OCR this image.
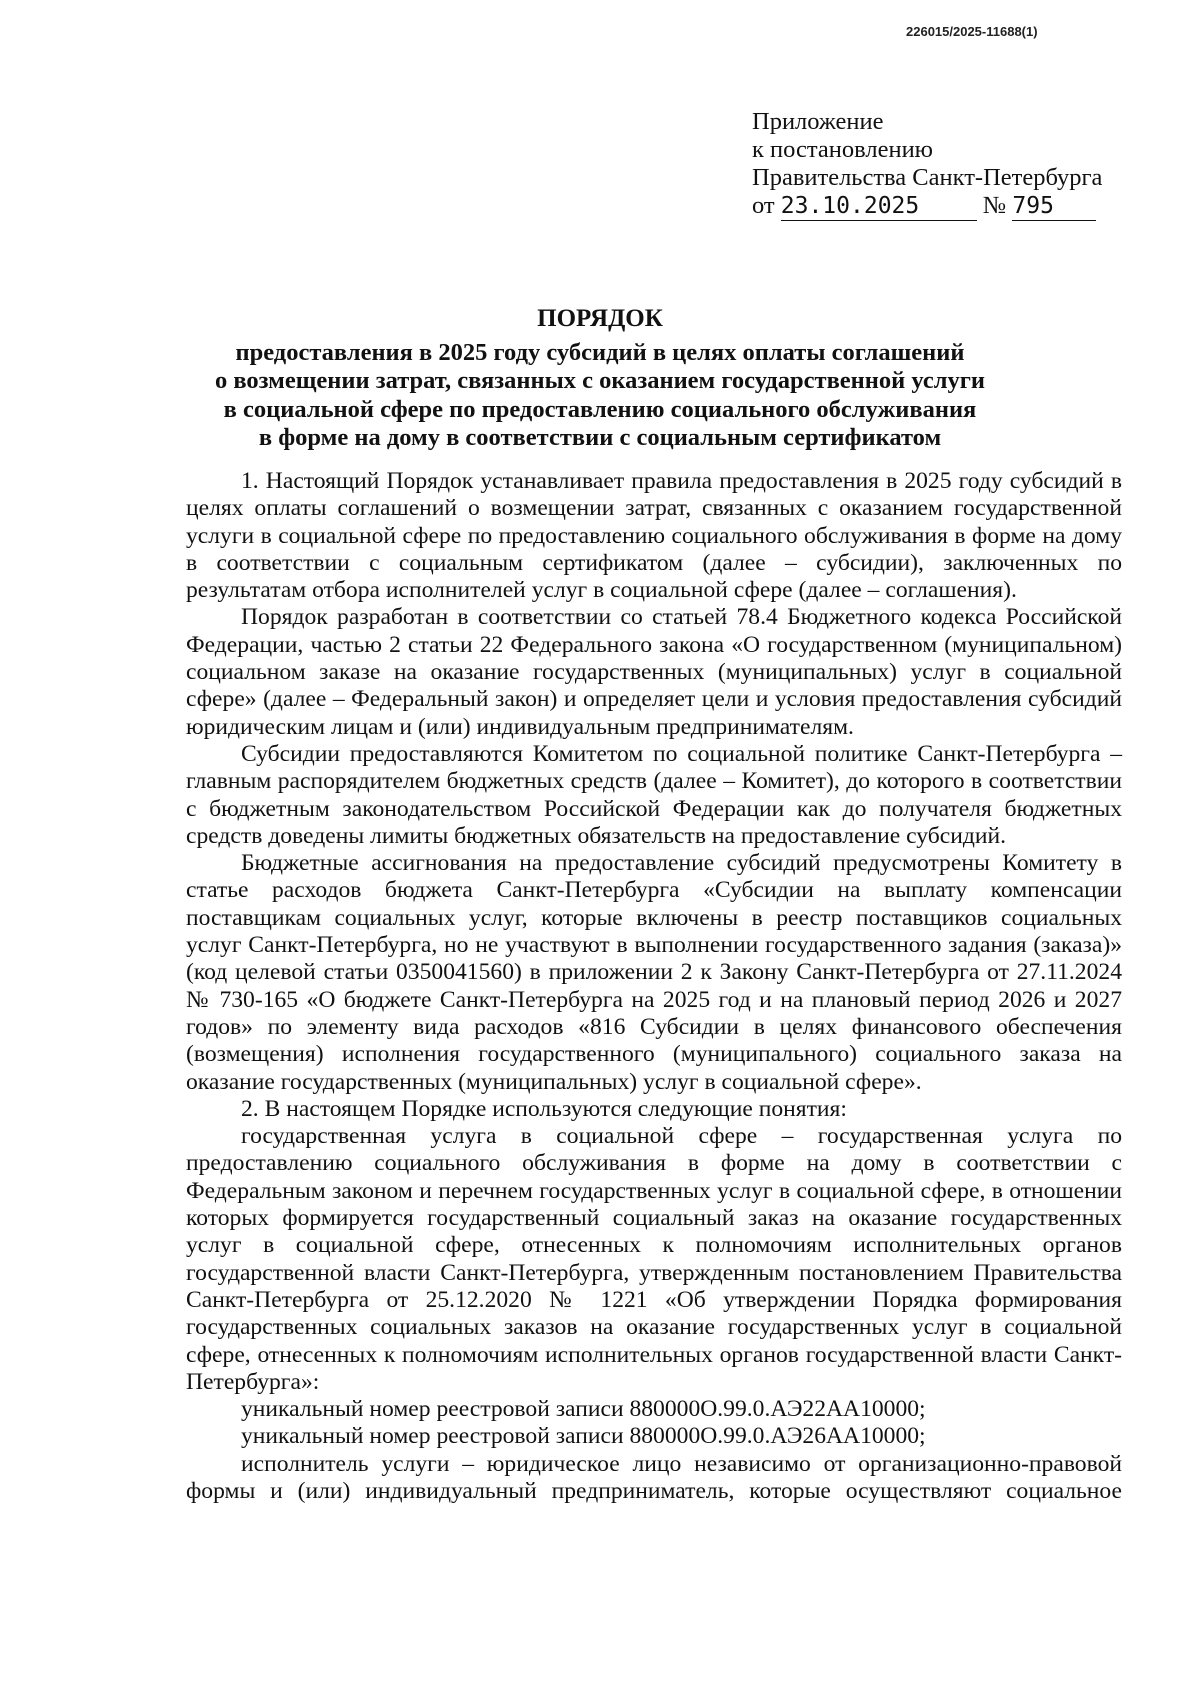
226015/2025-11688(1)
Приложение
к постановлению
Правительства Санкт-Петербурга
от 23.10.2025	№ 795
ПОРЯДОК
предоставления в 2025 году субсидий в целях оплаты соглашений
о возмещении затрат, связанных с оказанием государственной услуги
в социальной сфере по предоставлению социального обслуживания
в форме на дому в соответствии с социальным сертификатом

1. Настоящий Порядок устанавливает правила предоставления в 2025 году субсидий в целях оплаты соглашений о возмещении затрат, связанных с оказанием государственной услуги в социальной сфере по предоставлению социального обслуживания в форме на дому в соответствии с социальным сертификатом (далее – субсидии), заключенных по результатам отбора исполнителей услуг в социальной сфере (далее – соглашения).

Порядок разработан в соответствии со статьей 78.4 Бюджетного кодекса Российской Федерации, частью 2 статьи 22 Федерального закона «О государственном (муниципальном) социальном заказе на оказание государственных (муниципальных) услуг в социальной сфере» (далее – Федеральный закон) и определяет цели и условия предоставления субсидий юридическим лицам и (или) индивидуальным предпринимателям.

Субсидии предоставляются Комитетом по социальной политике Санкт-Петербурга – главным распорядителем бюджетных средств (далее – Комитет), до которого в соответствии с бюджетным законодательством Российской Федерации как до получателя бюджетных средств доведены лимиты бюджетных обязательств на предоставление субсидий.

Бюджетные ассигнования на предоставление субсидий предусмотрены Комитету в статье расходов бюджета Санкт-Петербурга «Субсидии на выплату компенсации поставщикам социальных услуг, которые включены в реестр поставщиков социальных услуг Санкт-Петербурга, но не участвуют в выполнении государственного задания (заказа)» (код целевой статьи 0350041560) в приложении 2 к Закону Санкт-Петербурга от 27.11.2024 № 730-165 «О бюджете Санкт-Петербурга на 2025 год и на плановый период 2026 и 2027 годов» по элементу вида расходов «816 Субсидии в целях финансового обеспечения (возмещения) исполнения государственного (муниципального) социального заказа на оказание государственных (муниципальных) услуг в социальной сфере».

2. В настоящем Порядке используются следующие понятия:

государственная услуга в социальной сфере – государственная услуга по предоставлению социального обслуживания в форме на дому в соответствии с Федеральным законом и перечнем государственных услуг в социальной сфере, в отношении которых формируется государственный социальный заказ на оказание государственных услуг в социальной сфере, отнесенных к полномочиям исполнительных органов государственной власти Санкт-Петербурга, утвержденным постановлением Правительства Санкт-Петербурга от 25.12.2020 № 1221 «Об утверждении Порядка формирования государственных социальных заказов на оказание государственных услуг в социальной сфере, отнесенных к полномочиям исполнительных органов государственной власти Санкт-Петербурга»:

уникальный номер реестровой записи 880000О.99.0.АЭ22АА10000;

уникальный номер реестровой записи 880000О.99.0.АЭ26АА10000;

исполнитель услуги – юридическое лицо независимо от организационно-правовой формы и (или) индивидуальный предприниматель, которые осуществляют социальное
